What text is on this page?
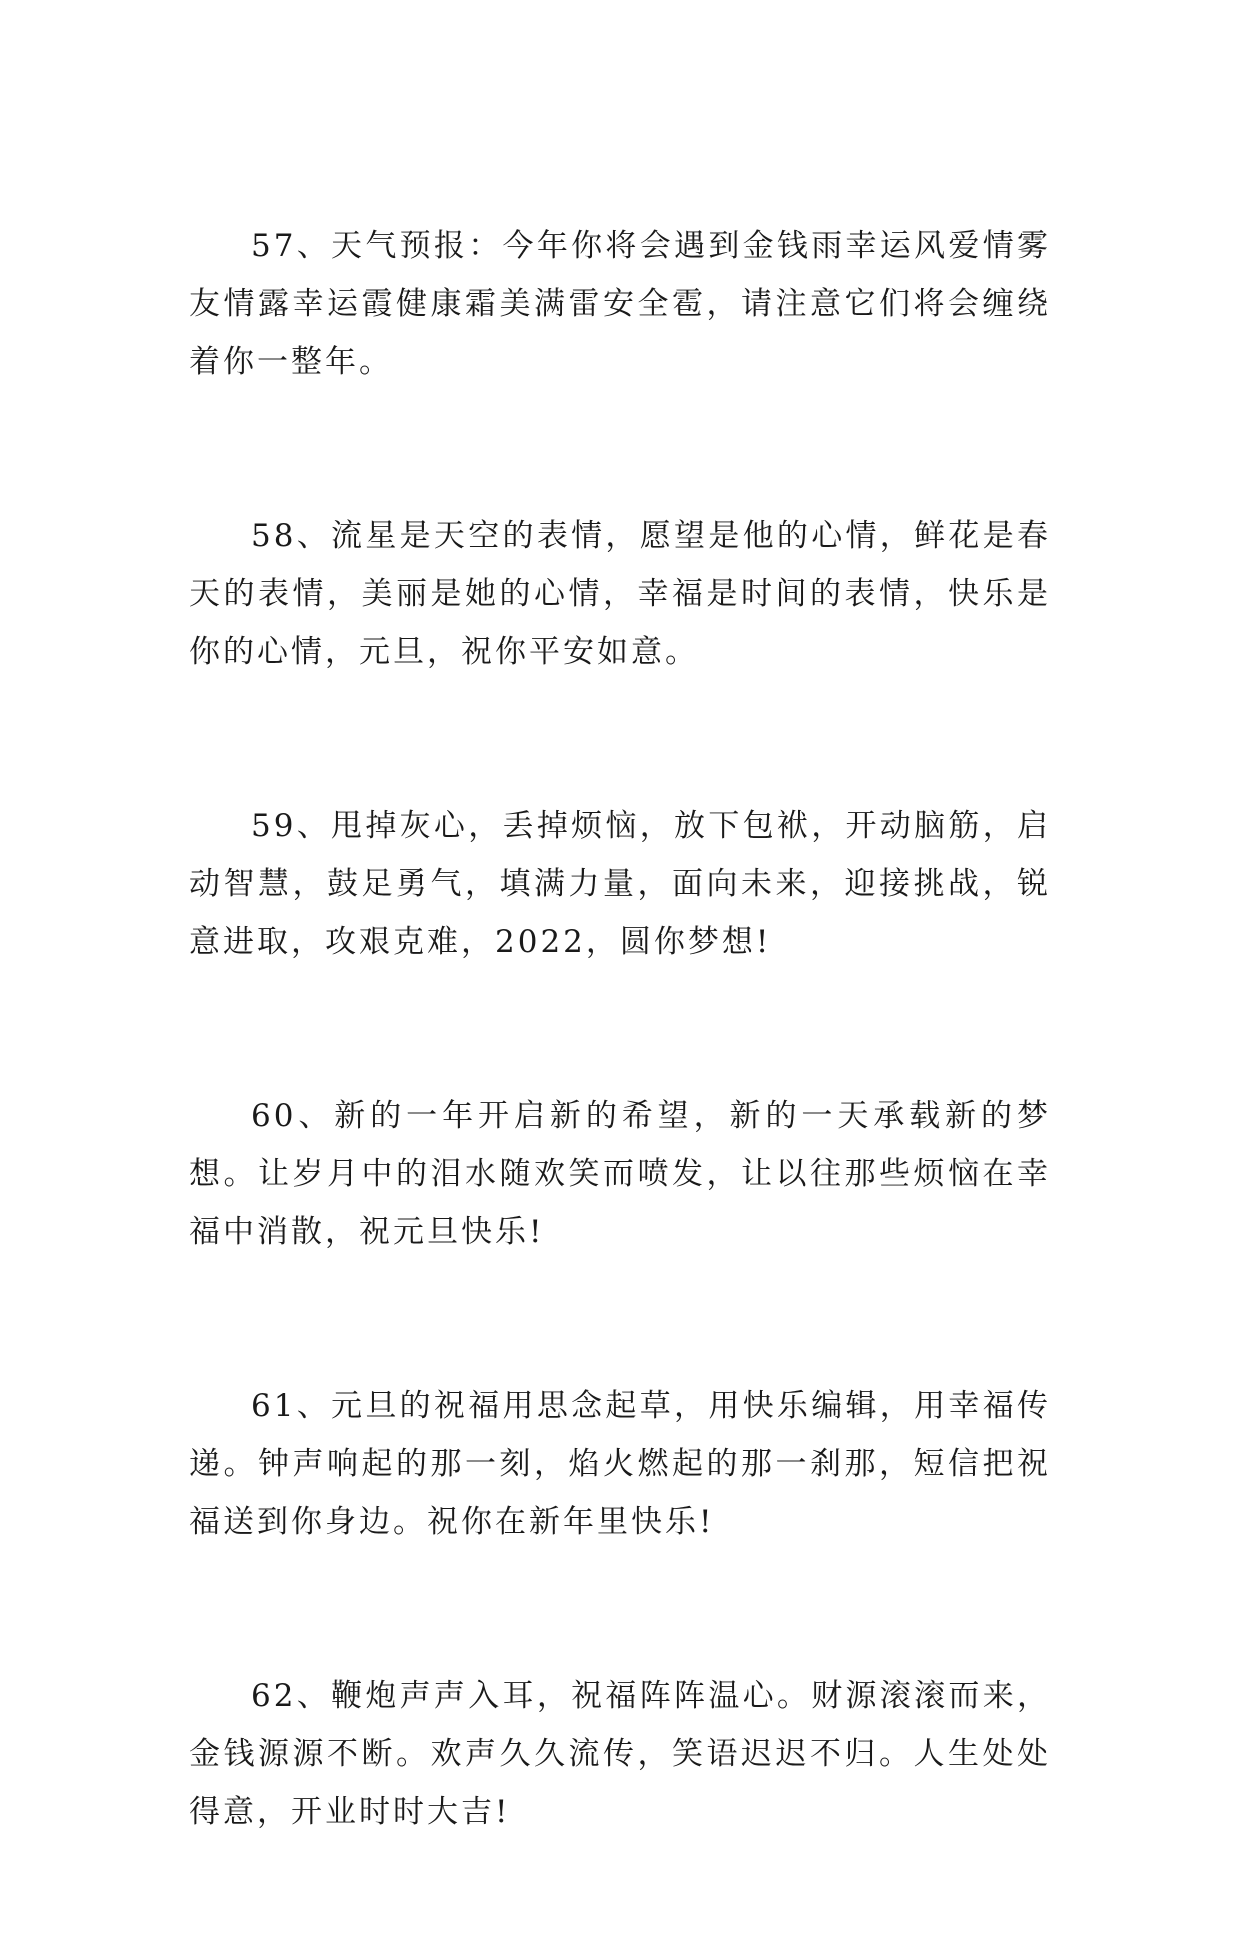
57、天气预报：今年你将会遇到金钱雨幸运风爱情雾友情露幸运霞健康霜美满雷安全雹，请注意它们将会缠绕着你一整年。

58、流星是天空的表情，愿望是他的心情，鲜花是春天的表情，美丽是她的心情，幸福是时间的表情，快乐是你的心情，元旦，祝你平安如意。

59、甩掉灰心，丢掉烦恼，放下包袱，开动脑筋，启动智慧，鼓足勇气，填满力量，面向未来，迎接挑战，锐意进取，攻艰克难，2022，圆你梦想!

60、新的一年开启新的希望，新的一天承载新的梦想。让岁月中的泪水随欢笑而喷发，让以往那些烦恼在幸福中消散，祝元旦快乐!

61、元旦的祝福用思念起草，用快乐编辑，用幸福传递。钟声响起的那一刻，焰火燃起的那一刹那，短信把祝福送到你身边。祝你在新年里快乐!

62、鞭炮声声入耳，祝福阵阵温心。财源滚滚而来，金钱源源不断。欢声久久流传，笑语迟迟不归。人生处处得意，开业时时大吉!
